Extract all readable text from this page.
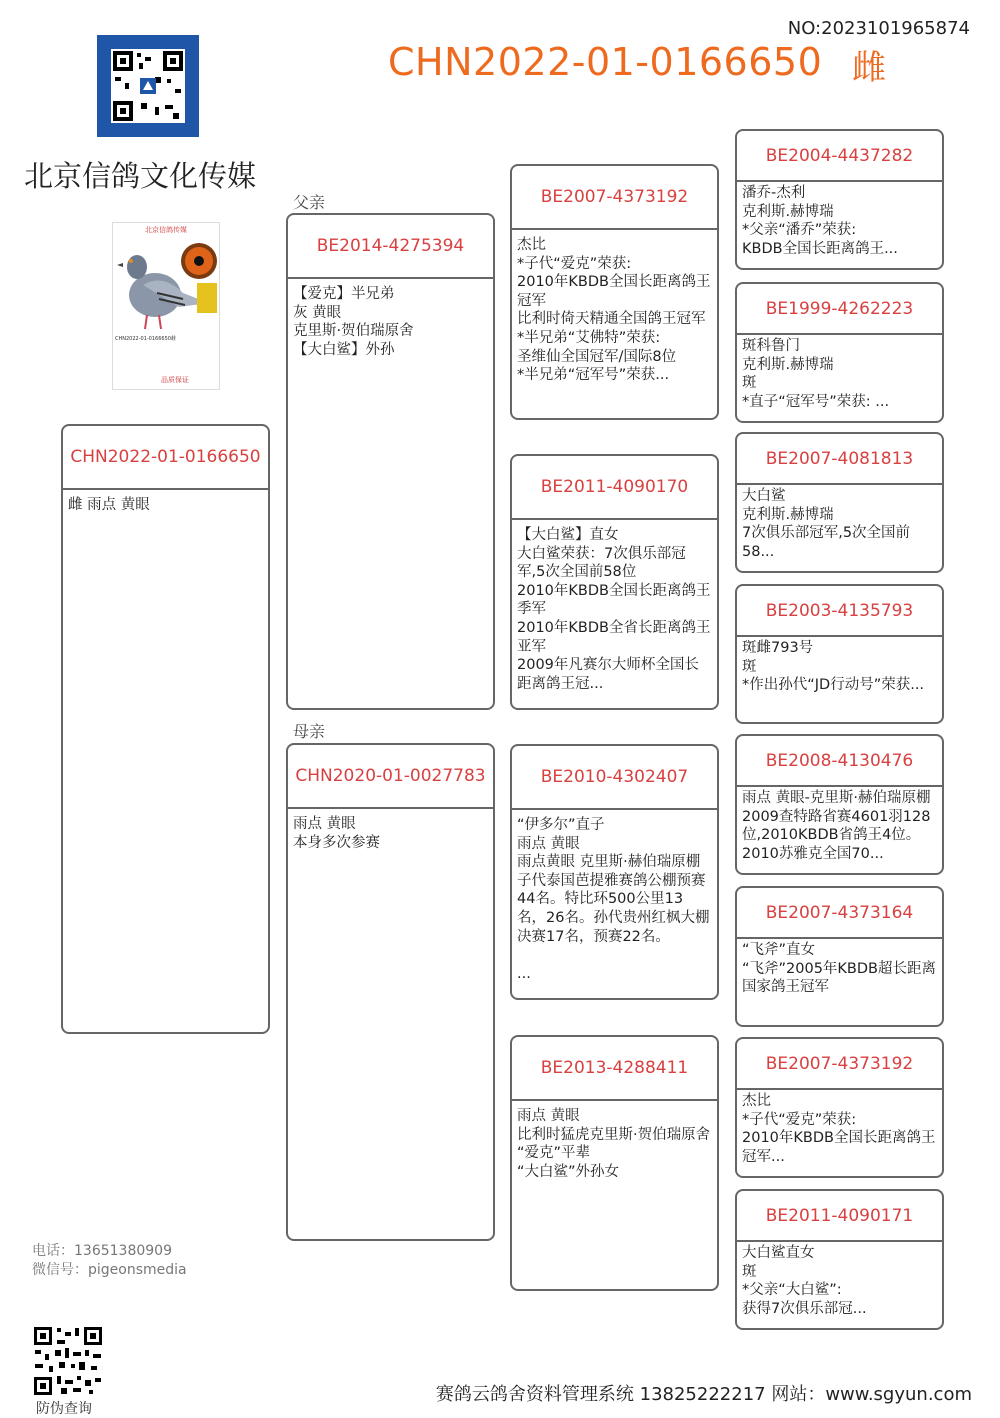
NO:2023101965874
CHN2022-01-0166650 雌
北京信鸽文化传媒
北京信鸽传媒
CHN2022-01-0166650雌
品质保证
父亲
母亲
CHN2022-01-0166650
雌 雨点 黄眼
BE2014-4275394
【爱克】半兄弟
灰 黄眼
克里斯·贺伯瑞原舍
【大白鲨】外孙
CHN2020-01-0027783
雨点 黄眼
本身多次参赛
BE2007-4373192
杰比
*子代“爱克”荣获:
2010年KBDB全国长距离鸽王冠军
比利时倚天精通全国鸽王冠军
*半兄弟“艾佛特”荣获:
圣维仙全国冠军/国际8位
*半兄弟“冠军号”荣获...
BE2011-4090170
【大白鲨】直女
大白鲨荣获：7次俱乐部冠军,5次全国前58位
2010年KBDB全国长距离鸽王季军
2010年KBDB全省长距离鸽王亚军
2009年凡赛尔大师杯全国长距离鸽王冠...
BE2010-4302407
“伊多尔”直子
雨点 黄眼
雨点黄眼 克里斯·赫伯瑞原棚 子代泰国芭提雅赛鸽公棚预赛44名。特比环500公里13名，26名。孙代贵州红枫大棚决赛17名，预赛22名。

...
BE2013-4288411
雨点 黄眼
比利时猛虎克里斯·贺伯瑞原舍
“爱克”平辈
“大白鲨”外孙女
BE2004-4437282
潘乔-杰利
克利斯.赫博瑞
*父亲“潘乔”荣获:
KBDB全国长距离鸽王...
BE1999-4262223
斑科鲁门
克利斯.赫博瑞
斑
*直子“冠军号”荣获: ...
BE2007-4081813
大白鲨
克利斯.赫博瑞
7次俱乐部冠军,5次全国前58...
BE2003-4135793
斑雌793号
斑
*作出孙代“JD行动号”荣获...
BE2008-4130476
雨点 黄眼-克里斯·赫伯瑞原棚 2009查特路省赛4601羽128位,2010KBDB省鸽王4位。2010苏雅克全国70...
BE2007-4373164
“飞斧”直女
“飞斧”2005年KBDB超长距离国家鸽王冠军
BE2007-4373192
杰比
*子代“爱克”荣获:
2010年KBDB全国长距离鸽王冠军...
BE2011-4090171
大白鲨直女
斑
*父亲“大白鲨”:
获得7次俱乐部冠...
电话：13651380909
微信号：pigeonsmedia
防伪查询
赛鸽云鸽舍资料管理系统 13825222217 网站：www.sgyun.com
